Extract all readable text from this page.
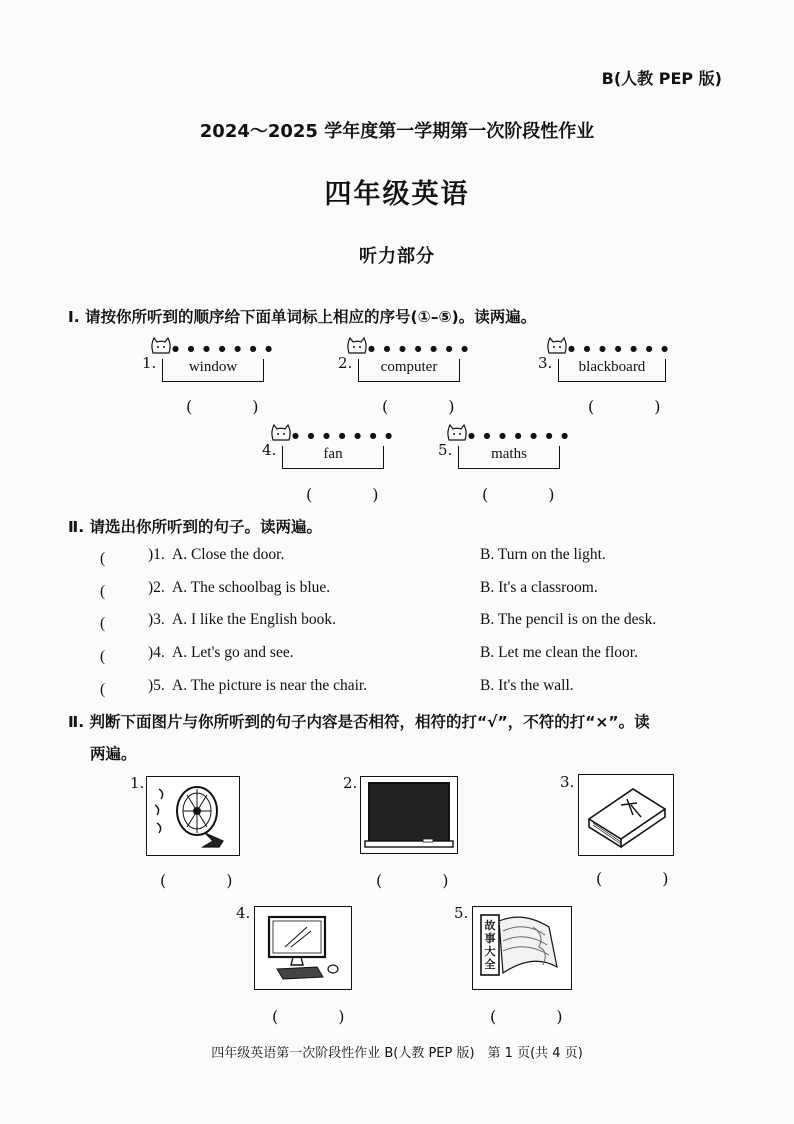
B(人教 PEP 版)
2024～2025 学年度第一学期第一次阶段性作业
四年级英语
听力部分
Ⅰ. 请按你所听到的顺序给下面单词标上相应的序号(①–⑤)。读两遍。
1.
● ● ● ● ● ● ●
window
(　)
2.
● ● ● ● ● ● ●
computer
(　)
3.
● ● ● ● ● ● ●
blackboard
(　)
4.
● ● ● ● ● ● ●
fan
(　)
5.
● ● ● ● ● ● ●
maths
(　)
Ⅱ. 请选出你所听到的句子。读两遍。
(　　 )1. A. Close the door.	B. Turn on the light.
(　　 )2. A. The schoolbag is blue.	B. It's a classroom.
(　　 )3. A. I like the English book.	B. The pencil is on the desk.
(　　 )4. A. Let's go and see.	B. Let me clean the floor.
(　　 )5. A. The picture is near the chair.	B. It's the wall.
Ⅱ. 判断下面图片与你所听到的句子内容是否相符，相符的打“√”，不符的打“×”。读
两遍。
1.
(　)
2.
(　)
3.
(　)
4.
(　)
5.
故事大全
(　)
四年级英语第一次阶段性作业 B(人教 PEP 版)　第 1 页(共 4 页)
